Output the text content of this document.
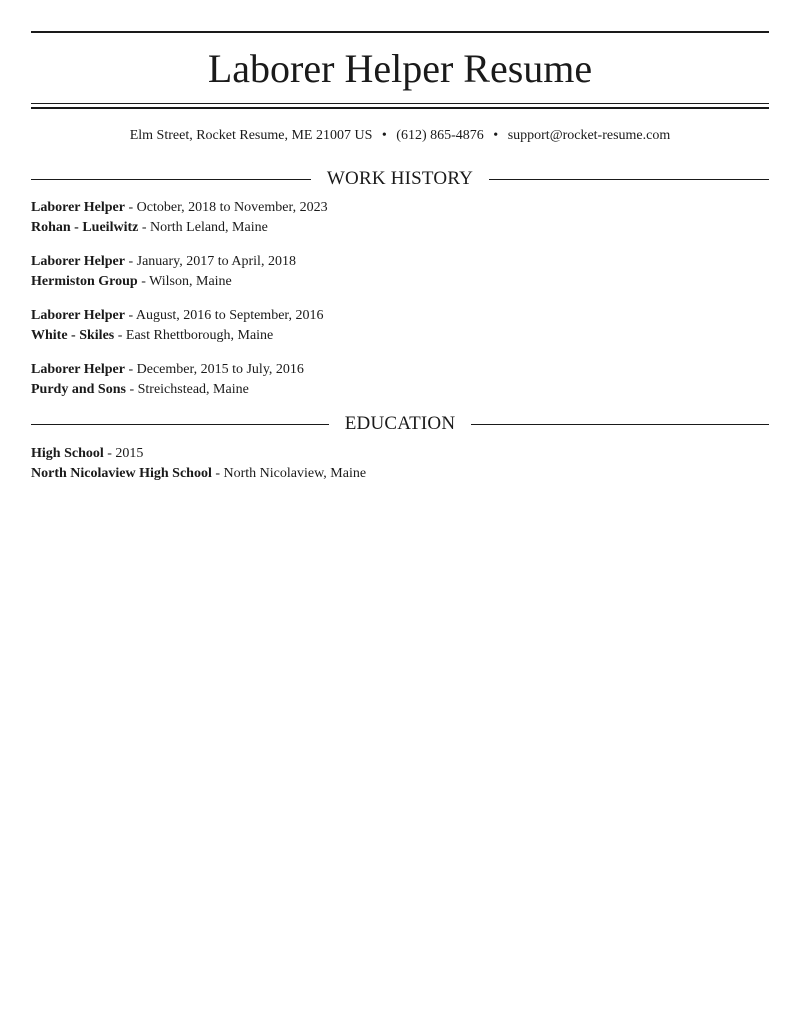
Laborer Helper Resume
Elm Street, Rocket Resume, ME 21007 US • (612) 865-4876 • support@rocket-resume.com
WORK HISTORY
Laborer Helper - October, 2018 to November, 2023
Rohan - Lueilwitz - North Leland, Maine
Laborer Helper - January, 2017 to April, 2018
Hermiston Group - Wilson, Maine
Laborer Helper - August, 2016 to September, 2016
White - Skiles - East Rhettborough, Maine
Laborer Helper - December, 2015 to July, 2016
Purdy and Sons - Streichstead, Maine
EDUCATION
High School - 2015
North Nicolaview High School - North Nicolaview, Maine
